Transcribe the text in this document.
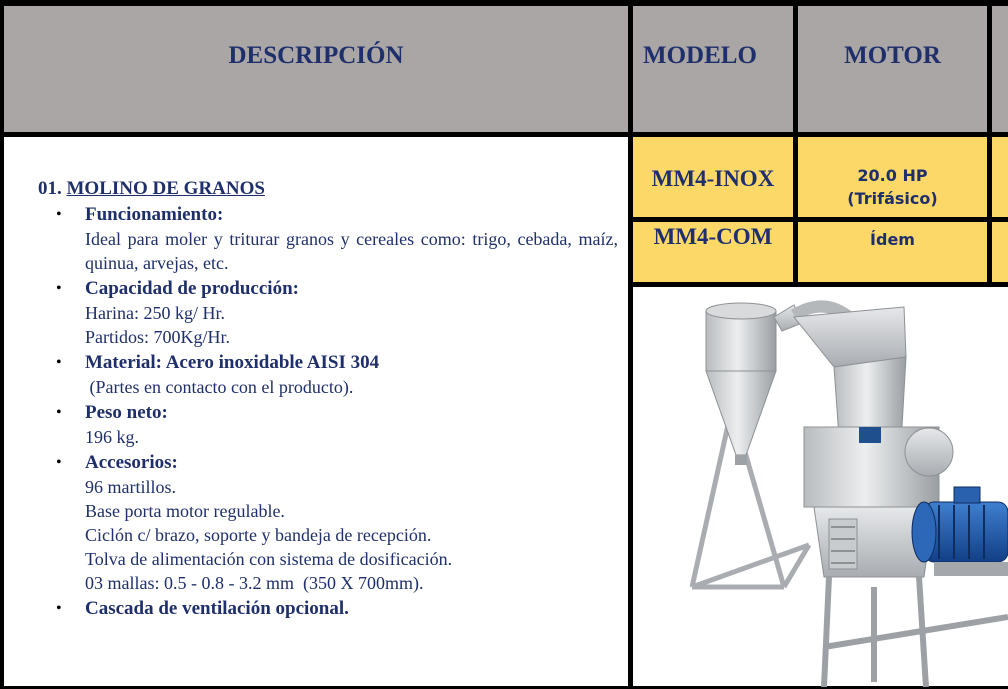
DESCRIPCIÓN	MODELO	MOTOR
MM4-INOX	20.0 HP
(Trifásico)
MM4-COM	Ídem
01. MOLINO DE GRANOS
• Funcionamiento:
Ideal para moler y triturar granos y cereales como: trigo, cebada, maíz, quinua, arvejas, etc.
• Capacidad de producción:
Harina: 250 kg/ Hr.
Partidos: 700Kg/Hr.
• Material: Acero inoxidable AISI 304
(Partes en contacto con el producto).
• Peso neto:
196 kg.
• Accesorios:
96 martillos.
Base porta motor regulable.
Ciclón c/ brazo, soporte y bandeja de recepción.
Tolva de alimentación con sistema de dosificación.
03 mallas: 0.5 - 0.8 - 3.2 mm  (350 X 700mm).
• Cascada de ventilación opcional.
